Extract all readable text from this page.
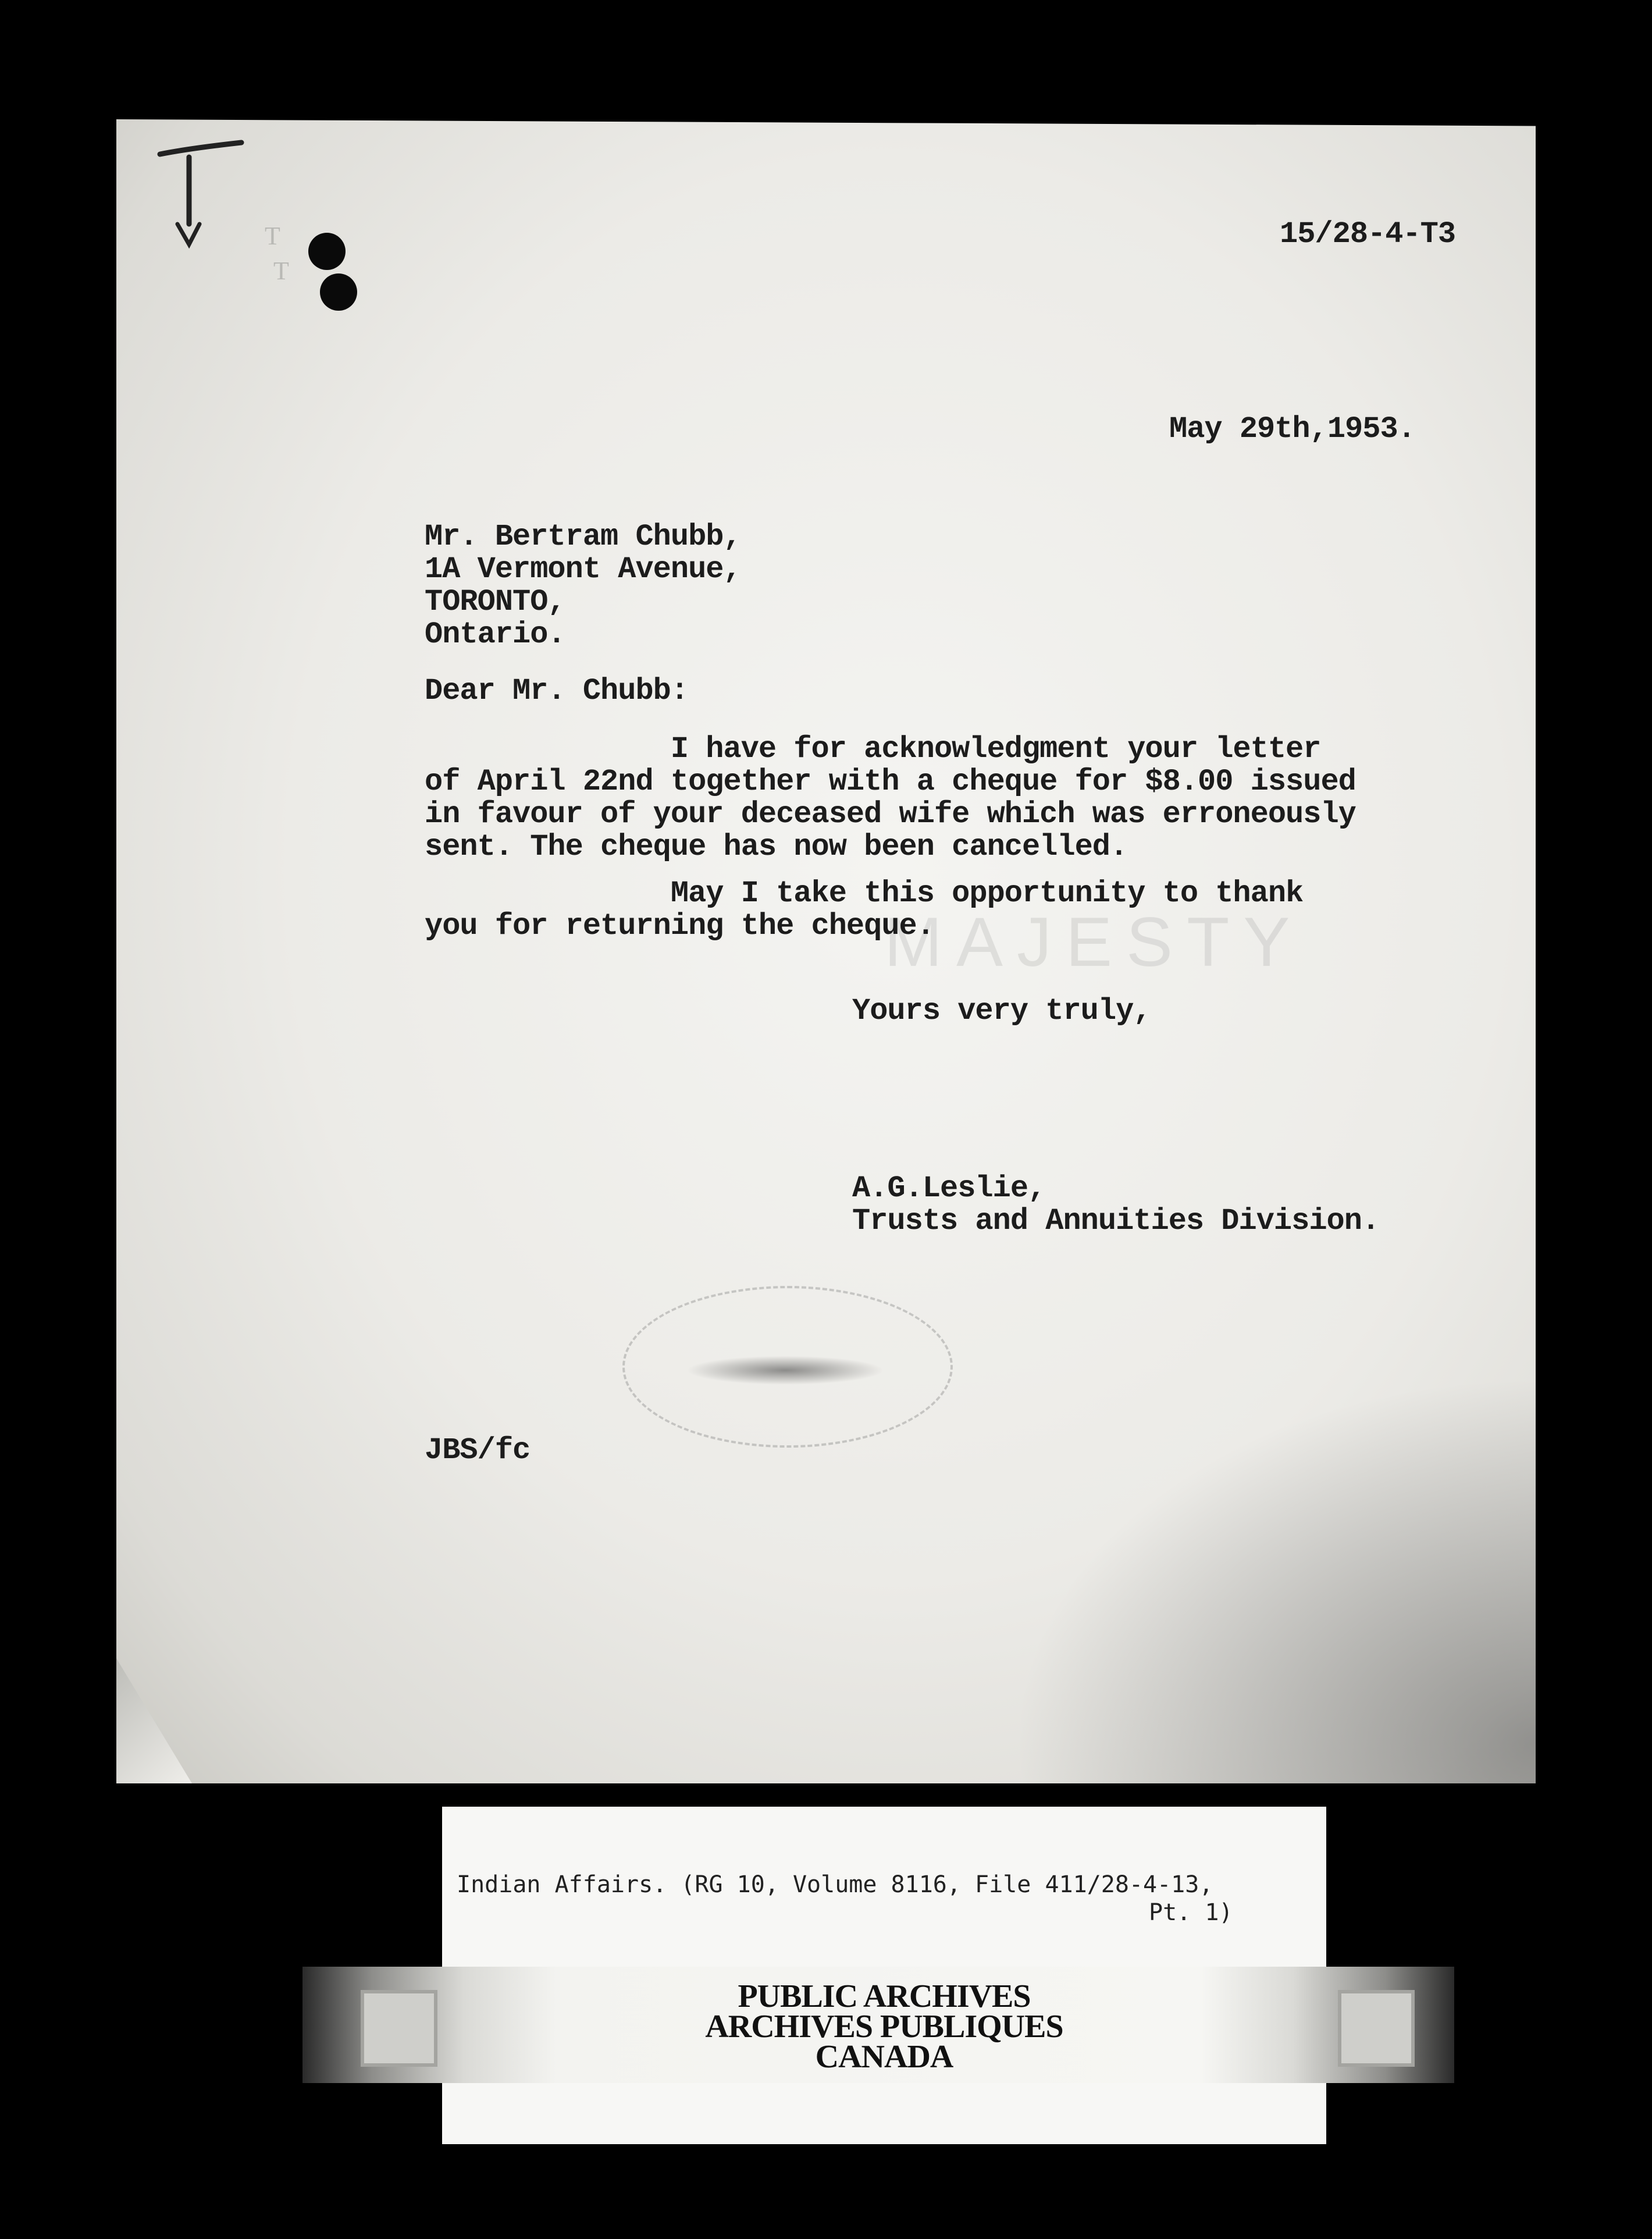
T
T
MAJESTY
15/28-4-T3
May 29th,1953.
Mr. Bertram Chubb,
1A Vermont Avenue,
TORONTO,
Ontario.
Dear Mr. Chubb:
I have for acknowledgment your letter
of April 22nd together with a cheque for $8.00 issued
in favour of your deceased wife which was erroneously
sent. The cheque has now been cancelled.
May I take this opportunity to thank
you for returning the cheque.
Yours very truly,
A.G.Leslie,
Trusts and Annuities Division.
JBS/fc
Indian Affairs. (RG 10, Volume 8116, File 411/28-4-13,

Pt. 1)
PUBLIC ARCHIVES
ARCHIVES PUBLIQUES
CANADA
